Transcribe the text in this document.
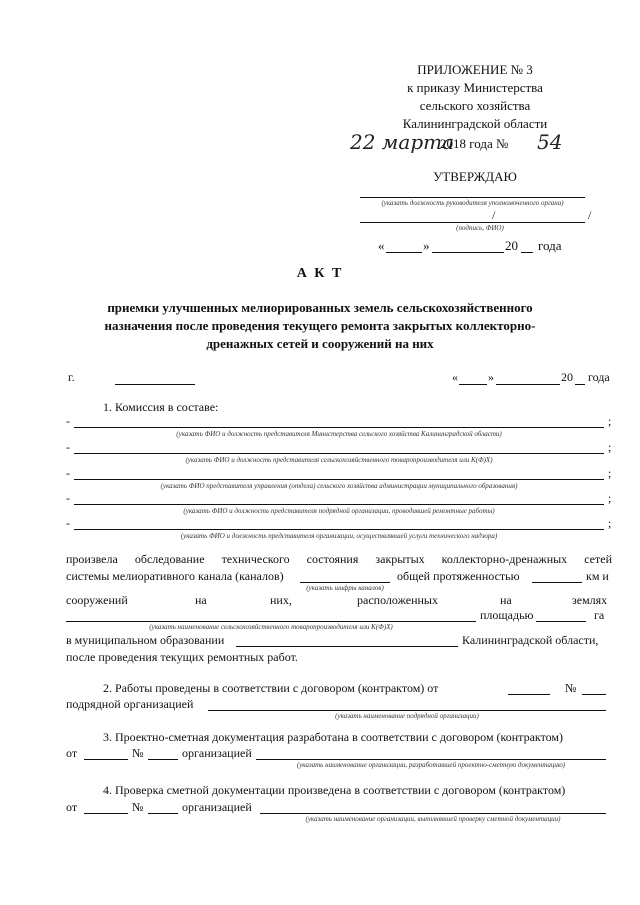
ПРИЛОЖЕНИЕ № 3
к приказу Министерства
сельского хозяйства
Калининградской области
22 марта
2018 года № 54
УТВЕРЖДАЮ
(указать должность руководителя уполномоченного органа)
/	/
(подпись, ФИО)
«	»	20 года
А К Т
приемки улучшенных мелиорированных земель сельскохозяйственного
назначения после проведения текущего ремонта закрытых коллекторно-
дренажных сетей и сооружений на них
г.	«	»	20 года
1. Комиссия в составе:
-	;
(указать ФИО и должность представителя Министерства сельского хозяйства Калининградской области)
-	;
(указать ФИО и должность представителя сельскохозяйственного товаропроизводителя или К(Ф)Х)
-	;
(указать ФИО представителя управления (отдела) сельского хозяйства администрации муниципального образования)
-	;
(указать ФИО и должность представителя подрядной организации, проводившей ремонтные работы)
-	;
(указать ФИО и должность представителя организации, осуществлявшей услуги технического надзора)
произвела обследование технического состояния закрытых коллекторно-дренажных сетей
системы мелиоративного канала (каналов)	общей протяженностью	км и
(указать шифры каналов)
сооружений	на	них,	расположенных	на	землях
площадью	га
(указать наименование сельскохозяйственного товаропроизводителя или К(Ф)Х)
в муниципальном образовании	Калининградской области,
после проведения текущих ремонтных работ.
2. Работы проведены в соответствии с договором (контрактом) от	№
подрядной организацией
(указать наименование подрядной организации)
3. Проектно-сметная документация разработана в соответствии с договором (контрактом)
от	№	организацией
(указать наименование организации, разработавшей проектно-сметную документацию)
4. Проверка сметной документации произведена в соответствии с договором (контрактом)
от	№	организацией
(указать наименование организации, выполнявшей проверку сметной документации)
